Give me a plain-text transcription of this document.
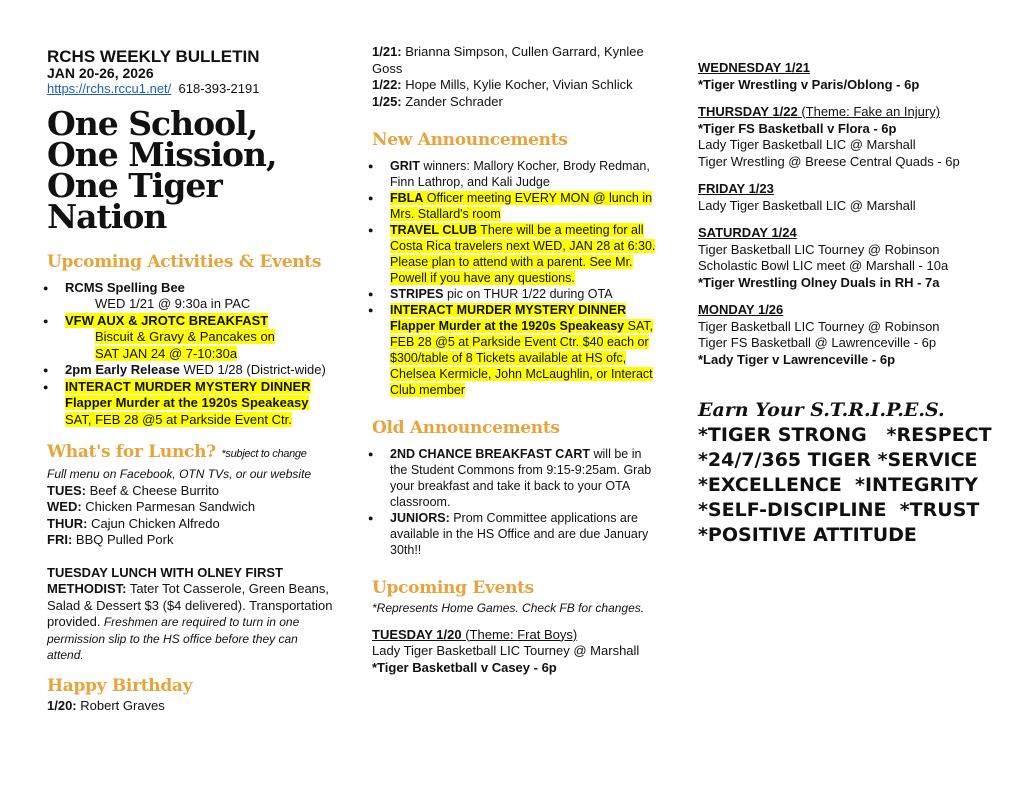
RCHS WEEKLY BULLETIN
JAN 20-26, 2026
https://rchs.rccu1.net/ 618-393-2191
One School,
One Mission,
One Tiger Nation
Upcoming Activities & Events
● RCMS Spelling Bee
WED 1/21 @ 9:30a in PAC
● VFW AUX & JROTC BREAKFAST
Biscuit & Gravy & Pancakes on
SAT JAN 24 @ 7-10:30a
● 2pm Early Release WED 1/28 (District-wide)
● INTERACT MURDER MYSTERY DINNER Flapper Murder at the 1920s Speakeasy SAT, FEB 28 @5 at Parkside Event Ctr.
What's for Lunch? *subject to change

Full menu on Facebook, OTN TVs, or our website

TUES: Beef & Cheese Burrito

WED: Chicken Parmesan Sandwich

THUR: Cajun Chicken Alfredo

FRI: BBQ Pulled Pork

TUESDAY LUNCH WITH OLNEY FIRST METHODIST: Tater Tot Casserole, Green Beans, Salad & Dessert $3 ($4 delivered). Transportation provided. Freshmen are required to turn in one permission slip to the HS office before they can attend.

Happy Birthday

1/20: Robert Graves

1/21: Brianna Simpson, Cullen Garrard, Kynlee Goss

1/22: Hope Mills, Kylie Kocher, Vivian Schlick

1/25: Zander Schrader

New Announcements
● GRIT winners: Mallory Kocher, Brody Redman, Finn Lathrop, and Kali Judge
● FBLA Officer meeting EVERY MON @ lunch in Mrs. Stallard's room
● TRAVEL CLUB There will be a meeting for all Costa Rica travelers next WED, JAN 28 at 6:30. Please plan to attend with a parent. See Mr. Powell if you have any questions.
● STRIPES pic on THUR 1/22 during OTA
● INTERACT MURDER MYSTERY DINNER Flapper Murder at the 1920s Speakeasy SAT, FEB 28 @5 at Parkside Event Ctr. $40 each or $300/table of 8 Tickets available at HS ofc, Chelsea Kermicle, John McLaughlin, or Interact Club member
Old Announcements
● 2ND CHANCE BREAKFAST CART will be in the Student Commons from 9:15-9:25am. Grab your breakfast and take it back to your OTA classroom.
● JUNIORS: Prom Committee applications are available in the HS Office and are due January 30th!!
Upcoming Events

*Represents Home Games. Check FB for changes.

TUESDAY 1/20 (Theme: Frat Boys)

Lady Tiger Basketball LIC Tourney @ Marshall

*Tiger Basketball v Casey - 6p

WEDNESDAY 1/21

*Tiger Wrestling v Paris/Oblong - 6p

THURSDAY 1/22 (Theme: Fake an Injury)

*Tiger FS Basketball v Flora - 6p

Lady Tiger Basketball LIC @ Marshall

Tiger Wrestling @ Breese Central Quads - 6p

FRIDAY 1/23

Lady Tiger Basketball LIC @ Marshall

SATURDAY 1/24

Tiger Basketball LIC Tourney @ Robinson

Scholastic Bowl LIC meet @ Marshall - 10a

*Tiger Wrestling Olney Duals in RH - 7a

MONDAY 1/26

Tiger Basketball LIC Tourney @ Robinson

Tiger FS Basketball @ Lawrenceville - 6p

*Lady Tiger v Lawrenceville - 6p

Earn Your S.T.R.I.P.E.S.
*TIGER STRONG   *RESPECT
*24/7/365 TIGER *SERVICE
*EXCELLENCE  *INTEGRITY
*SELF-DISCIPLINE  *TRUST
*POSITIVE ATTITUDE
